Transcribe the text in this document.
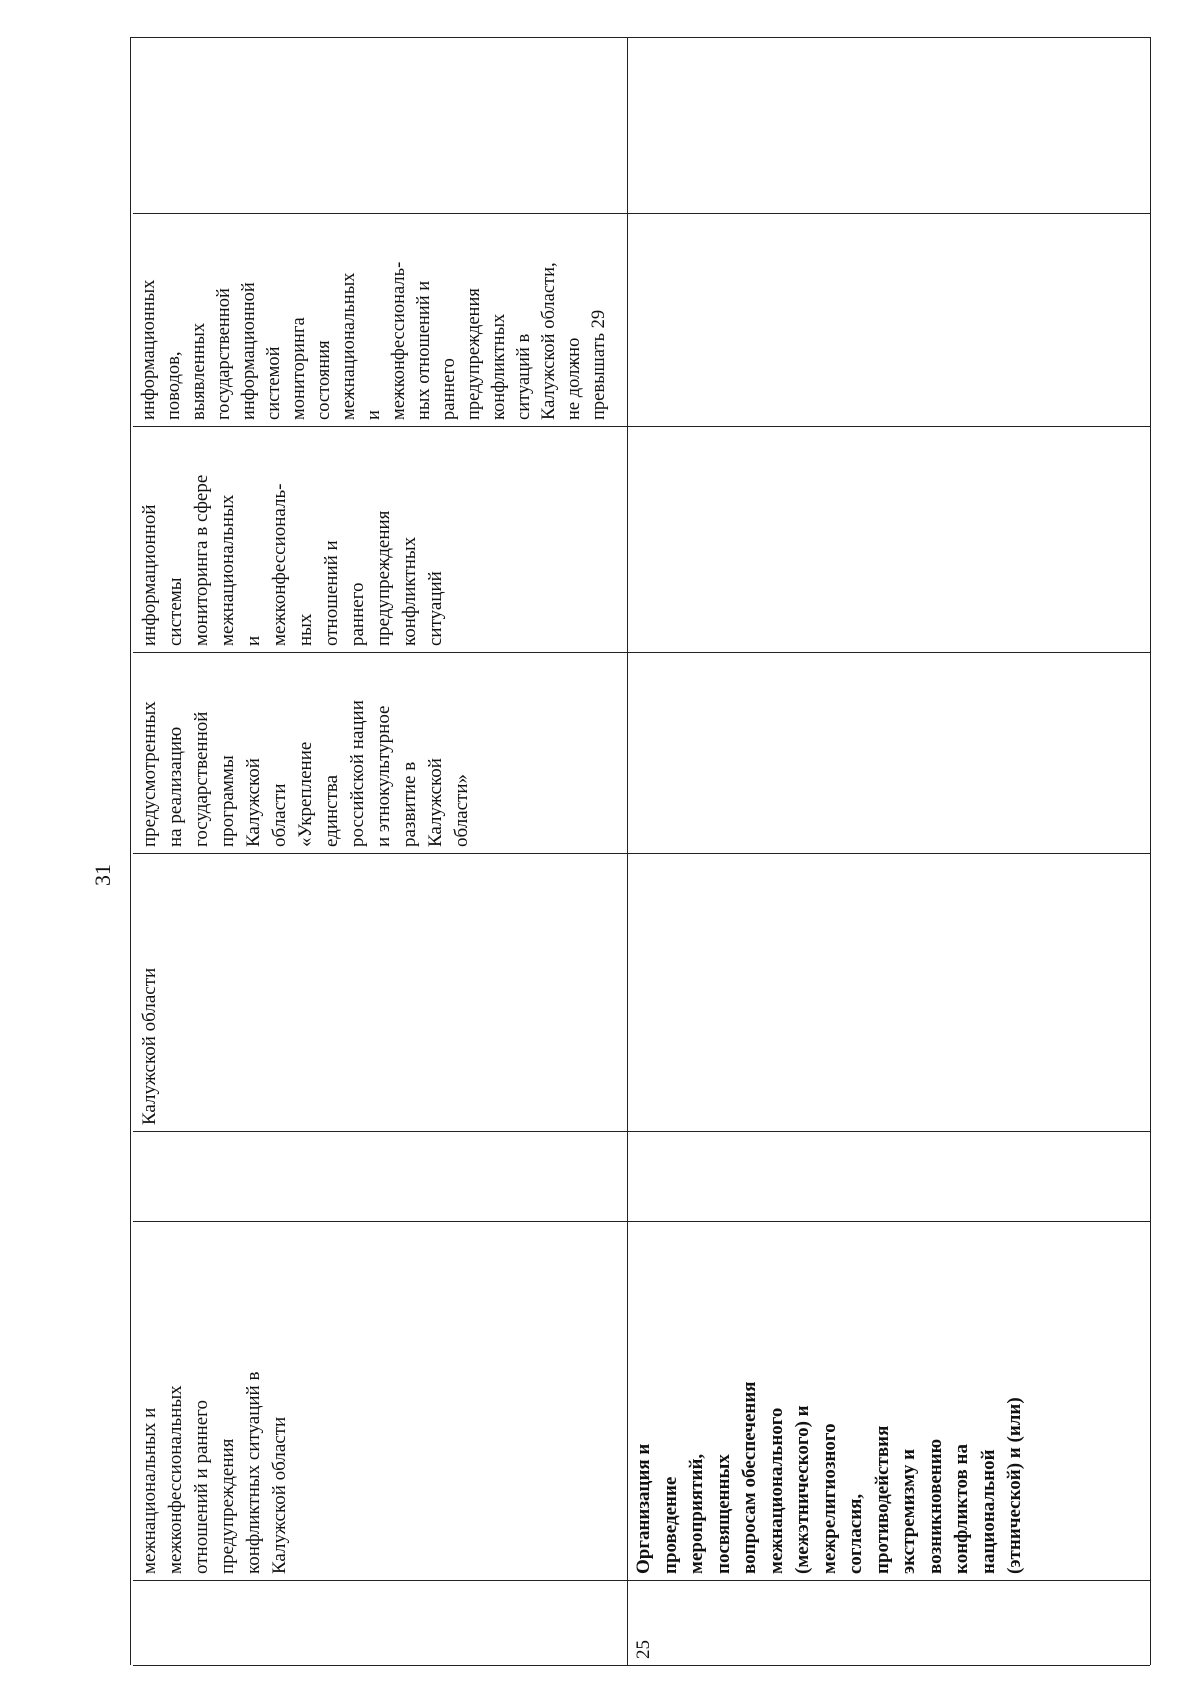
31
межнациональных и
межконфессиональных
отношений и раннего
предупреждения
конфликтных ситуаций в
Калужской области
Калужской области
предусмотренных
на реализацию
государственной
программы
Калужской
области
«Укрепление
единства
российской нации
и этнокультурное
развитие в
Калужской
области»
информационной
системы
мониторинга в сфере
межнациональных
и
межконфессиональ-
ных
отношений и
раннего
предупреждения
конфликтных
ситуаций
информационных
поводов,
выявленных
государственной
информационной
системой
мониторинга
состояния
межнациональных
и
межконфессиональ-
ных отношений и
раннего
предупреждения
конфликтных
ситуаций в
Калужской области,
не должно
превышать 29
25
Организация и
проведение
мероприятий,
посвященных
вопросам обеспечения
межнационального
(межэтнического) и
межрелигиозного
согласия,
противодействия
экстремизму и
возникновению
конфликтов на
национальной
(этнической) и (или)
